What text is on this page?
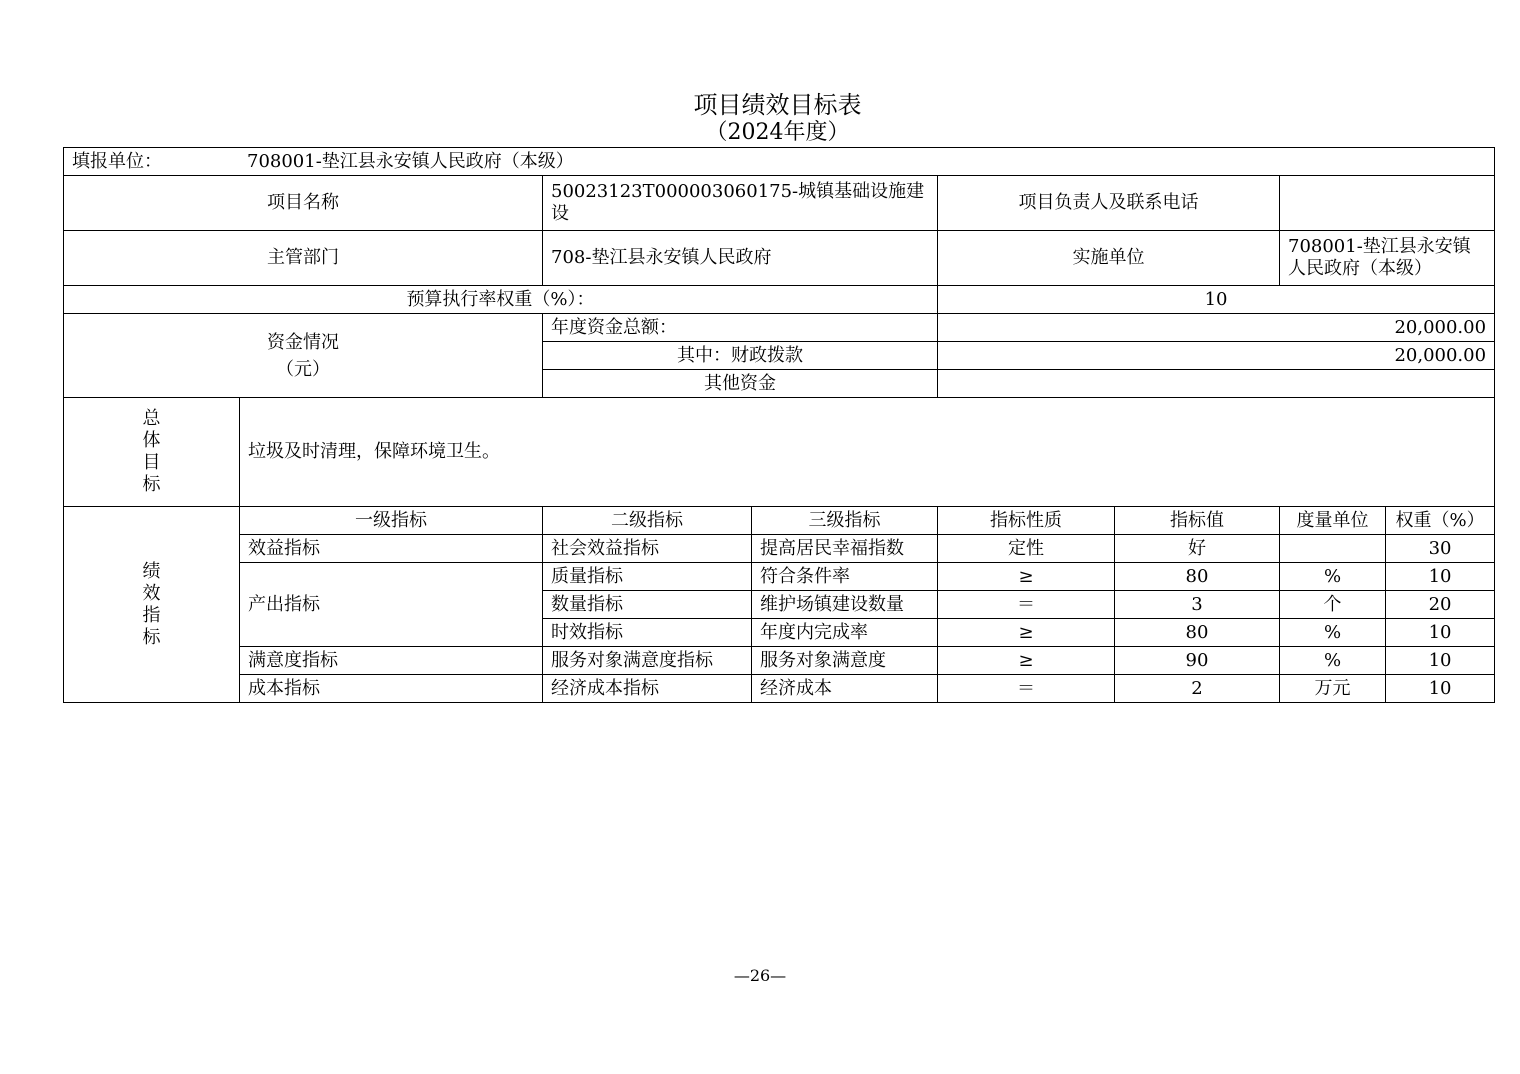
项目绩效目标表
（2024年度）
填报单位： 708001-垫江县永安镇人民政府（本级）							
项目名称		50023123T000003060175-城镇基础设施建设		项目负责人及联系电话			
主管部门		708-垫江县永安镇人民政府		实施单位		708001-垫江县永安镇人民政府（本级）	
预算执行率权重（%）：				10			
资金情况
（元）		年度资金总额：		20,000.00			
		其中：财政拨款		20,000.00			
		其他资金					
总
体
目
标	垃圾及时清理，保障环境卫生。						
绩
效
指
标	一级指标	二级指标	三级指标	指标性质	指标值	度量单位	权重（%）
	效益指标	社会效益指标	提高居民幸福指数	定性	好		30
	产出指标	质量指标	符合条件率	≥	80	%	10
		数量指标	维护场镇建设数量	＝	3	个	20
		时效指标	年度内完成率	≥	80	%	10
	满意度指标	服务对象满意度指标	服务对象满意度	≥	90	%	10
	成本指标	经济成本指标	经济成本	＝	2	万元	10
—26—
